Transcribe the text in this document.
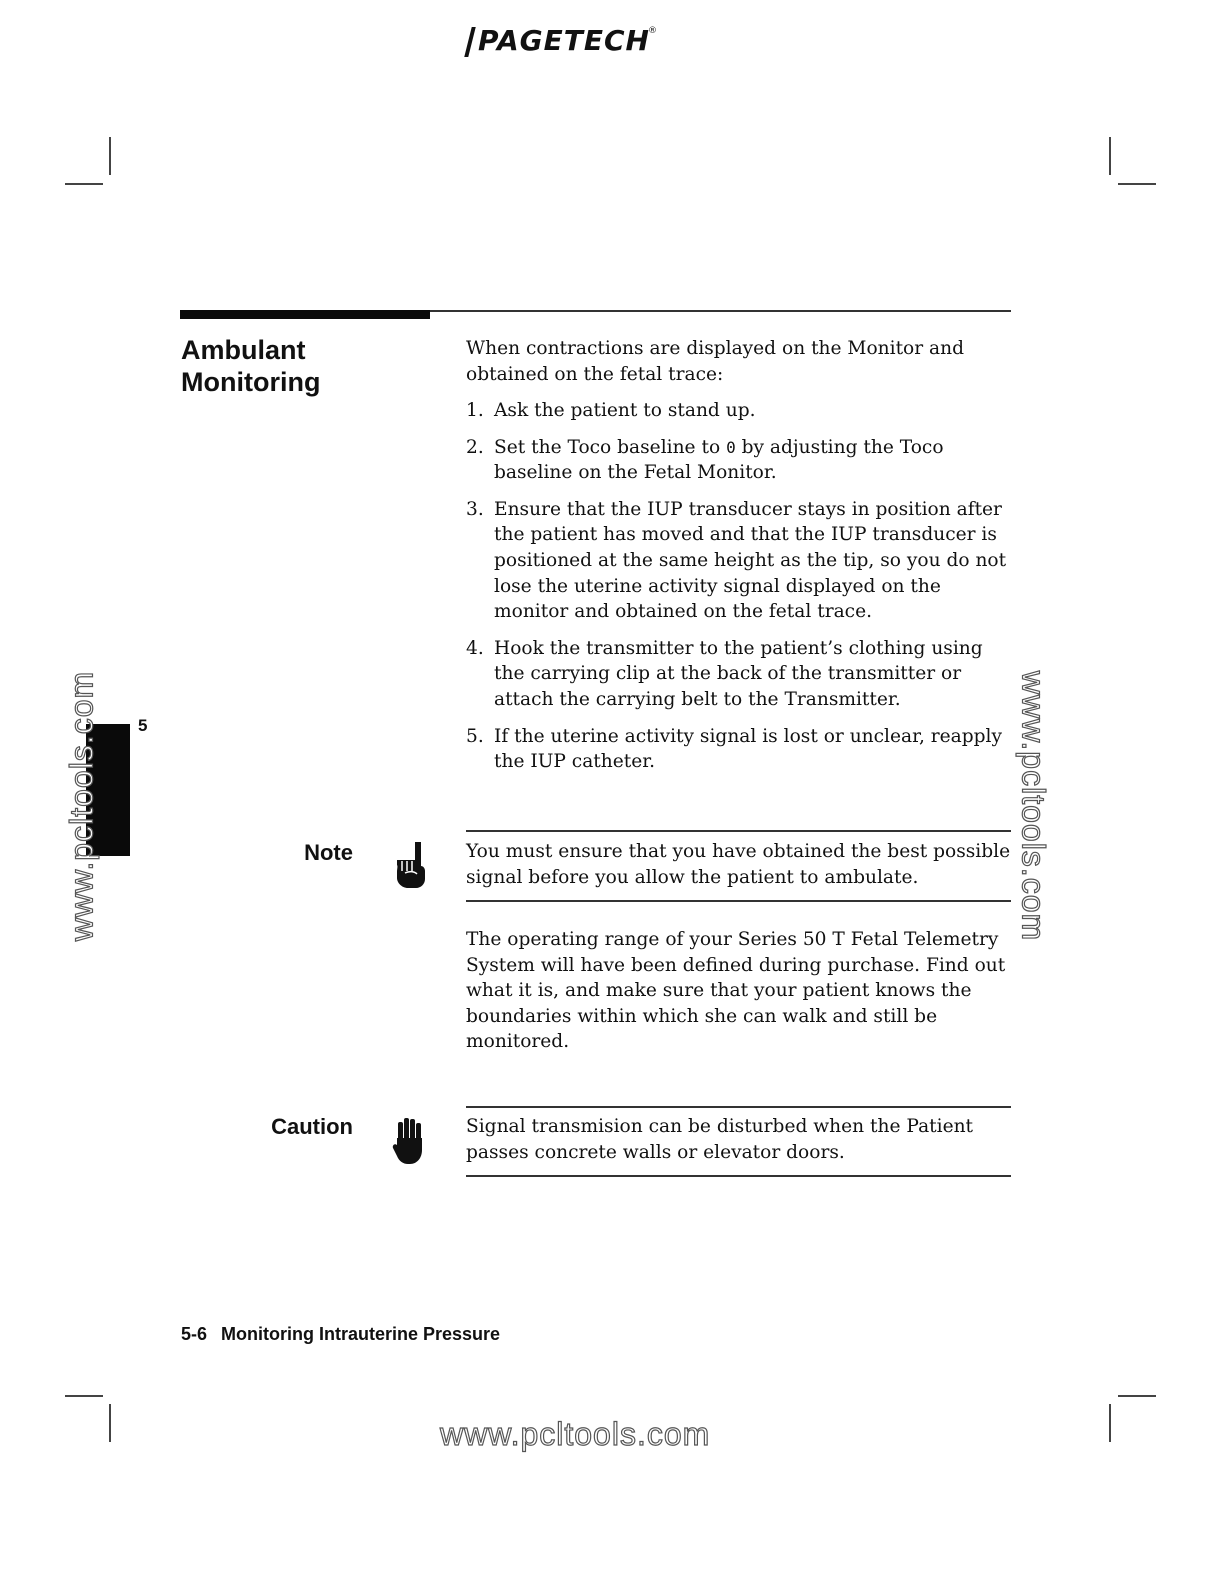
PAGETECH
®
5
www.pcltools.com	www.pcltools.com
www.pcltools.com
Ambulant
Monitoring
When contractions are displayed on the Monitor and obtained on the fetal trace:
1. Ask the patient to stand up.
2. Set the Toco baseline to 0 by adjusting the Toco baseline on the Fetal Monitor.
3. Ensure that the IUP transducer stays in position after the patient has moved and that the IUP transducer is positioned at the same height as the tip, so you do not lose the uterine activity signal displayed on the monitor and obtained on the fetal trace.
4. Hook the transmitter to the patient’s clothing using the carrying clip at the back of the transmitter or attach the carrying belt to the Transmitter.
5. If the uterine activity signal is lost or unclear, reapply the IUP catheter.
Note	You must ensure that you have obtained the best possible signal before you allow the patient to ambulate.
The operating range of your Series 50 T Fetal Telemetry System will have been defined during purchase. Find out what it is, and make sure that your patient knows the boundaries within which she can walk and still be monitored.
Caution	Signal transmision can be disturbed when the Patient passes concrete walls or elevator doors.
5-6 Monitoring Intrauterine Pressure
